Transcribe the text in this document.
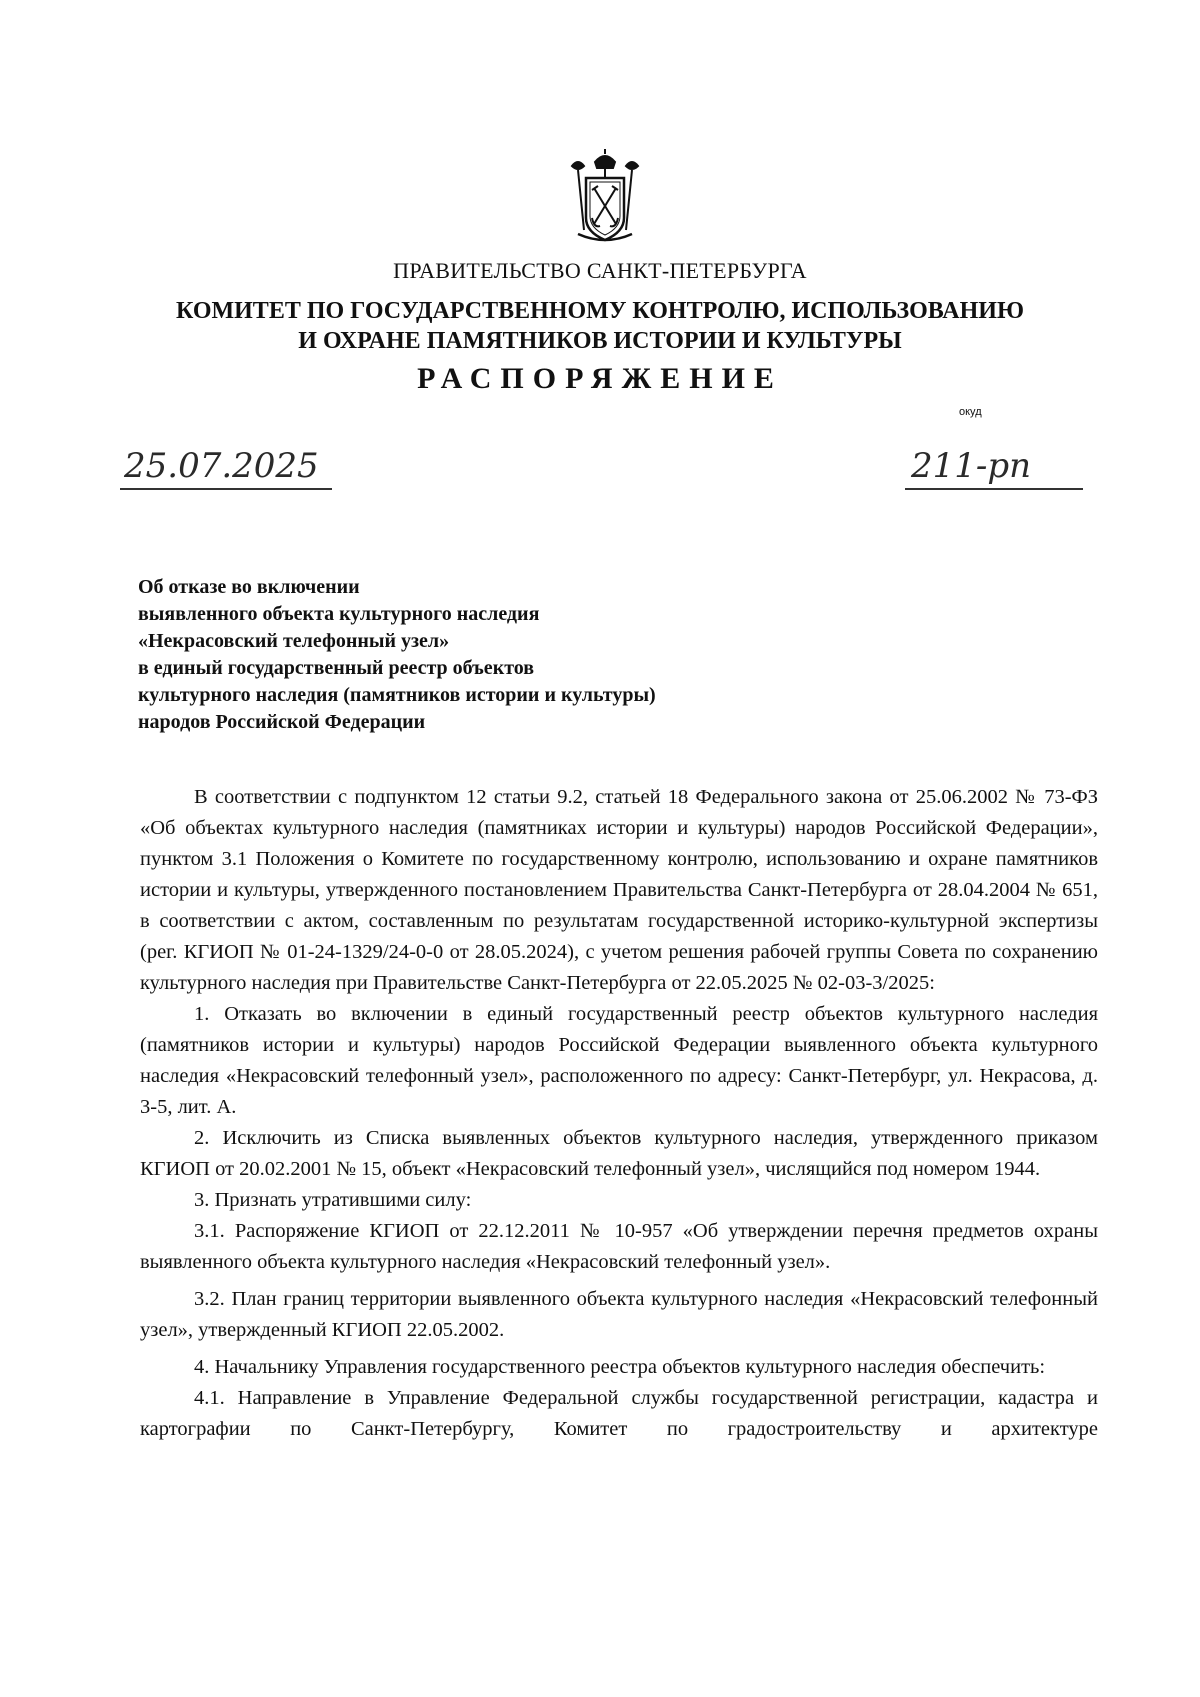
ПРАВИТЕЛЬСТВО САНКТ-ПЕТЕРБУРГА
КОМИТЕТ ПО ГОСУДАРСТВЕННОМУ КОНТРОЛЮ, ИСПОЛЬЗОВАНИЮ
И ОХРАНЕ ПАМЯТНИКОВ ИСТОРИИ И КУЛЬТУРЫ
РАСПОРЯЖЕНИЕ
окуд
25.07.2025	211-рп
Об отказе во включении
выявленного объекта культурного наследия
«Некрасовский телефонный узел»
в единый государственный реестр объектов
культурного наследия (памятников истории и культуры)
народов Российской Федерации

В соответствии с подпунктом 12 статьи 9.2, статьей 18 Федерального закона от 25.06.2002 № 73-ФЗ «Об объектах культурного наследия (памятниках истории и культуры) народов Российской Федерации», пунктом 3.1 Положения о Комитете по государственному контролю, использованию и охране памятников истории и культуры, утвержденного постановлением Правительства Санкт-Петербурга от 28.04.2004 № 651, в соответствии с актом, составленным по результатам государственной историко-культурной экспертизы (рег. КГИОП № 01-24-1329/24-0-0 от 28.05.2024), с учетом решения рабочей группы Совета по сохранению культурного наследия при Правительстве Санкт-Петербурга от 22.05.2025 № 02-03-3/2025:

1. Отказать во включении в единый государственный реестр объектов культурного наследия (памятников истории и культуры) народов Российской Федерации выявленного объекта культурного наследия «Некрасовский телефонный узел», расположенного по адресу: Санкт-Петербург, ул. Некрасова, д. 3-5, лит. А.

2. Исключить из Списка выявленных объектов культурного наследия, утвержденного приказом КГИОП от 20.02.2001 № 15, объект «Некрасовский телефонный узел», числящийся под номером 1944.

3. Признать утратившими силу:

3.1. Распоряжение КГИОП от 22.12.2011 № 10-957 «Об утверждении перечня предметов охраны выявленного объекта культурного наследия «Некрасовский телефонный узел».

3.2. План границ территории выявленного объекта культурного наследия «Некрасовский телефонный узел», утвержденный КГИОП 22.05.2002.

4. Начальнику Управления государственного реестра объектов культурного наследия обеспечить:

4.1. Направление в Управление Федеральной службы государственной регистрации, кадастра и картографии по Санкт-Петербургу, Комитет по градостроительству и архитектуре
